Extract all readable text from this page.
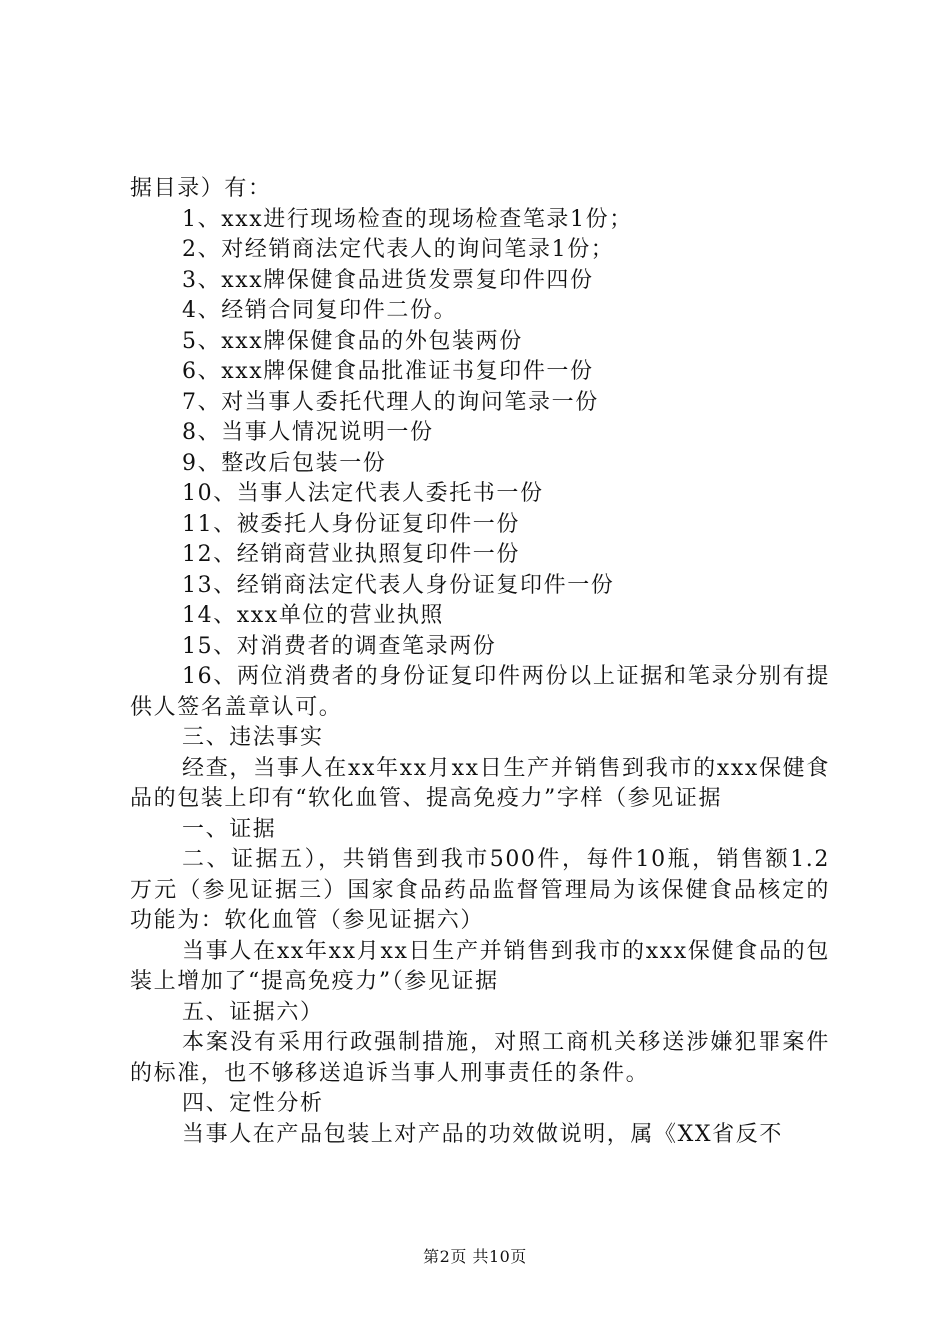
据目录）有：

1、xxx进行现场检查的现场检查笔录1份；

2、对经销商法定代表人的询问笔录1份；

3、xxx牌保健食品进货发票复印件四份

4、经销合同复印件二份。

5、xxx牌保健食品的外包装两份

6、xxx牌保健食品批准证书复印件一份

7、对当事人委托代理人的询问笔录一份

8、当事人情况说明一份

9、整改后包装一份

10、当事人法定代表人委托书一份

11、被委托人身份证复印件一份

12、经销商营业执照复印件一份

13、经销商法定代表人身份证复印件一份

14、xxx单位的营业执照

15、对消费者的调查笔录两份

16、两位消费者的身份证复印件两份以上证据和笔录分别有提供人签名盖章认可。

三、违法事实

经查，当事人在xx年xx月xx日生产并销售到我市的xxx保健食品的包装上印有“软化血管、提高免疫力”字样（参见证据

一、证据

二、证据五），共销售到我市500件，每件10瓶，销售额1.2万元（参见证据三）国家食品药品监督管理局为该保健食品核定的功能为：软化血管（参见证据六）

当事人在xx年xx月xx日生产并销售到我市的xxx保健食品的包装上增加了“提高免疫力”（参见证据

五、证据六）

本案没有采用行政强制措施，对照工商机关移送涉嫌犯罪案件的标准，也不够移送追诉当事人刑事责任的条件。

四、定性分析

当事人在产品包装上对产品的功效做说明，属《XX省反不

第2页 共10页
